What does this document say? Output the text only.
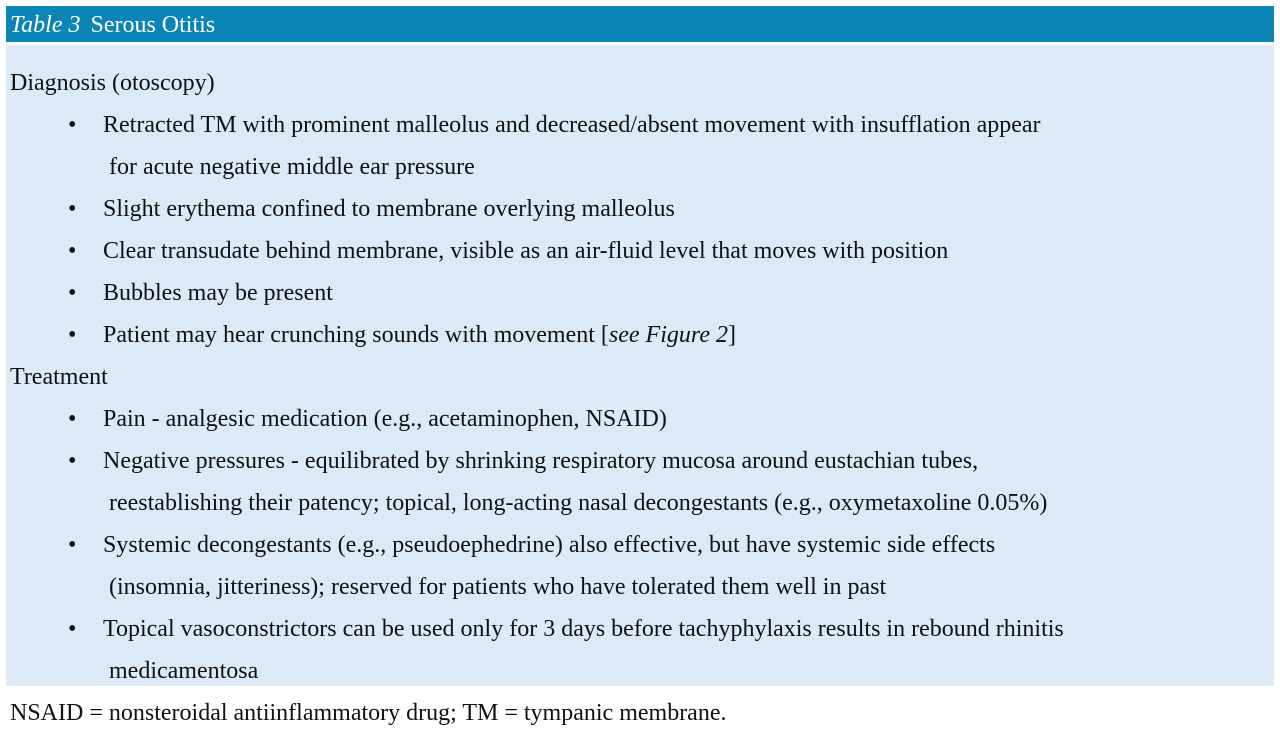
Table 3 Serous Otitis
Diagnosis (otoscopy)
• Retracted TM with prominent malleolus and decreased/absent movement with insufflation appear
for acute negative middle ear pressure
• Slight erythema confined to membrane overlying malleolus
• Clear transudate behind membrane, visible as an air-fluid level that moves with position
• Bubbles may be present
• Patient may hear crunching sounds with movement [see Figure 2]
Treatment
• Pain - analgesic medication (e.g., acetaminophen, NSAID)
• Negative pressures - equilibrated by shrinking respiratory mucosa around eustachian tubes,
reestablishing their patency; topical, long-acting nasal decongestants (e.g., oxymetaxoline 0.05%)
• Systemic decongestants (e.g., pseudoephedrine) also effective, but have systemic side effects
(insomnia, jitteriness); reserved for patients who have tolerated them well in past
• Topical vasoconstrictors can be used only for 3 days before tachyphylaxis results in rebound rhinitis
medicamentosa
NSAID = nonsteroidal antiinflammatory drug; TM = tympanic membrane.
